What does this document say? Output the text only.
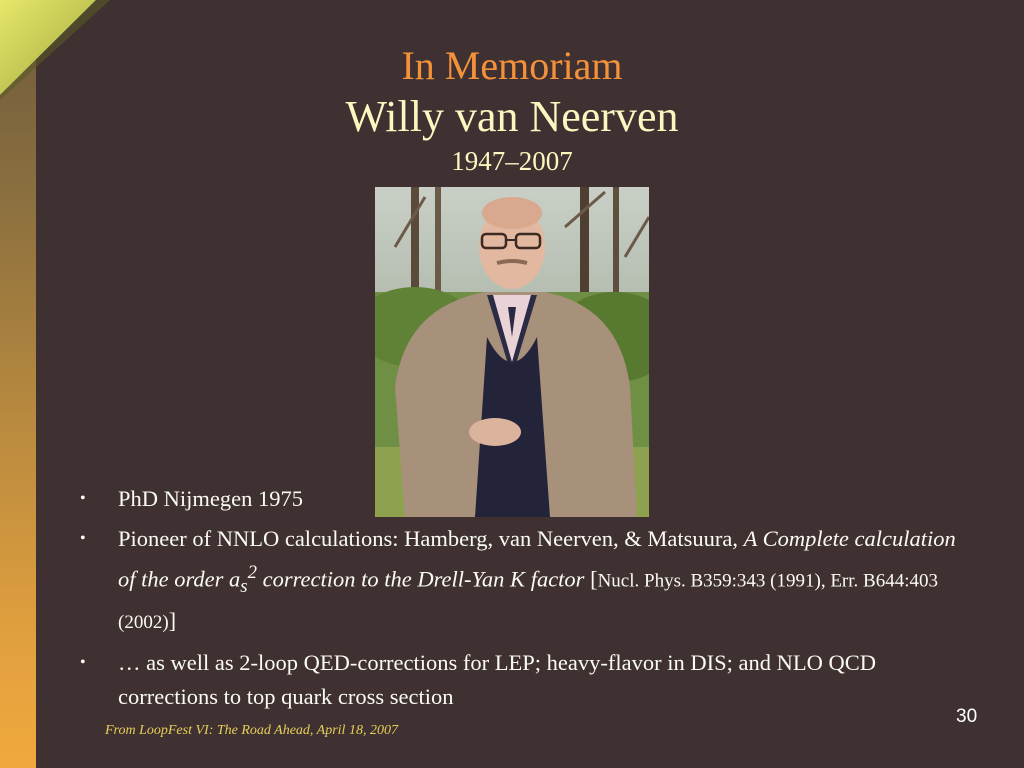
In Memoriam
Willy van Neerven
1947–2007
• PhD Nijmegen 1975
• Pioneer of NNLO calculations: Hamberg, van Neerven, & Matsuura, A Complete calculation of the order $a_s^2$ correction to the Drell-Yan K factor [Nucl. Phys. B359:343 (1991), Err. B644:403 (2002)]
• … as well as 2-loop QED-corrections for LEP; heavy-flavor in DIS; and NLO QCD corrections to top quark cross section
From LoopFest VI: The Road Ahead, April 18, 2007
30
